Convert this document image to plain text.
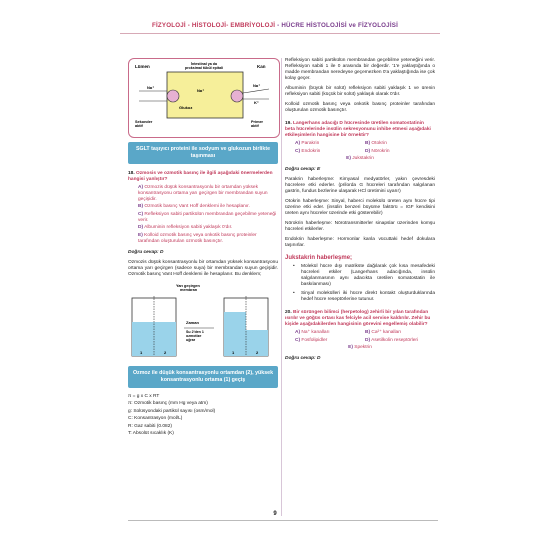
FİZYOLOJİ - HİSTOLOJİ- EMBRİYOLOJİ - HÜCRE HİSTOLOJİSİ ve FİZYOLOJİSİ
Lümen	Kan
İntestinal ya da
proksimal tübül epitali
Na⁺
Na⁺
Na⁺
K⁺
Glukoz
Sekonder
aktif
Primer
aktif
SGLT taşıyıcı proteini ile sodyum ve glukozun birlikte taşınması
18. Ozmosis ve ozmotik basınç ile ilgili aşağıdaki önermelerden hangisi yanlıştır?
A) Ozmozis düşük konsantrasyonlu bir ortamdan yüksek konsantrasyonu ortama yarı geçirgen bir membrandan suyun geçişidir.
B) Ozmotik basınç Vant Hoff denklemi ile hesaplanır.
C) Refleksiyon sabiti partikülün membrandan geçebilme yeteneği verir.
D) Albuminin refleksiyon sabiti yaklaşık 0'dır.
E) Kolloid ozmotik basınç veya onkotik basınç proteinler tarafından oluşturulan ozmotik basınçtır.
Doğru cevap: D
Ozmozis düşük konsantrasyonlu bir ortamdan yüksek konsantrasyonu ortama yarı geçirgen (sadece suya) bir membrandan suyun geçişidir. Ozmotik basınç Vant Hoff denklemi ile hesaplanır. Bu denklem;
Yarı geçirgen
membran
1	2
Zaman
Su 2'den 1
ozmotize
uğrar
1	2
Ozmoz ile düşük konsantrasyonlu ortamdan (2), yüksek konsantrasyonlu ortama (1) geçiş
π = g x C x RT
π: Ozmotik basınç (mm Hg veya atm)
g: Solüsyondaki partikül sayısı (osm/mol)
C: Konsantrasyon (mol/L)
R: Gaz sabiti (0.082)
T: Absolüt sıcaklık (K)
Refleksiyon sabiti partikülün membrandan geçebilme yeteneğini verir. Refleksiyon sabiti 1 ile 0 arasında bir değerdir. '1'e yaklaştığında o madde membrandan neredeyse geçemezken 0'a yaklaştığında ise çok kolay geçer.
Albuminin (büyük bir solüt) refleksiyon sabiti yaklaşık 1 ve ürenin refleksiyon sabiti (küçük bir solüt) yaklaşık olarak 0'dır.
Kolloid ozmotik basınç veya onkotik basınç proteinler tarafından oluşturulan ozmotik basınçtır.
19. Langerhans adacığı D hücresinde üretilen somatostatinin beta hücrelerinde insülin sekresyonunu inhibe etmesi aşağıdaki etkileşimlerin hangisine bir örnektir?
A) Parakrin	B) Otokrin
C) Endokrin	D) Nörokrin
E) Jukstakrin
Doğru cevap: E
Parakrin haberleşme: Kimyasal medyatörler, yakın çevresdeki hücrelere etki ederler. (prilorda G hücreleri tarafından salgılanan gastrin, fundus bezlerine ulaşarak HCl üretimini uyarır)
Otokrin haberleşme: Sinyal, haberci molekülü üreten aynı hücre tipi üzerine etki eder. (insülin benzeri büyüme faktörü = IGF kendisini üreten aynı hücreler üzerinde etki gösterebilir)
Nörokrin haberleşme: Nörotransmitterler sinapslar üzerinden komşu hücreleri etkilerler.
Endokrin haberleşme: Hormonlar kanla vücuttaki hedef dokulara taşınırlar.
Jukstakrin haberleşme;
• Molekül hücre dışı matrikste dağılarak çok kısa mesafedeki hücreleri etkiler (Langerhans adacığında, insülin salgılanmasının aynı adacıkta üretilen somatostatin ile baskılanması)
• Sinyal molekülleri iki hücre direkt kontakt oluşturduklarında hedef hücre reseptörlerine tutunur.
20. Bir sürüngen bilimci (herpetolog) zehirli bir yılan tarafından ısırılır ve göğüs ortası kas felciyle acil servise kaldırılır. Zehir bu kişide aşağıdakilerden hangisinin görevini engellemiş olabilir?
A) Na⁺ kanalları	B) Ca²⁺ kanalları
C) Fosfolipidler	D) Asetilkolin reseptörleri
E) Spektrin
Doğru cevap: D
9
